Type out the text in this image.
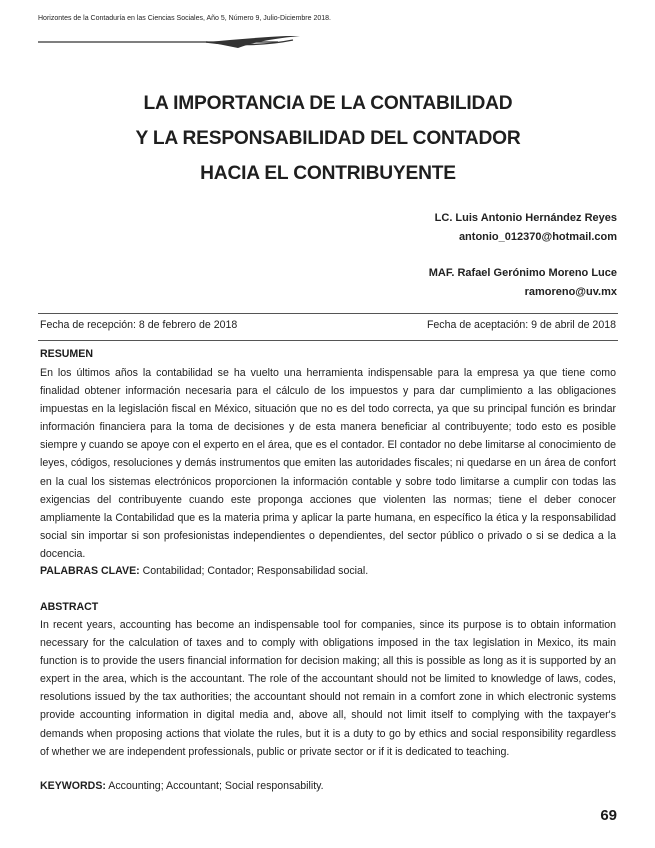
Horizontes de la Contaduría en las Ciencias Sociales, Año 5, Número 9, Julio-Diciembre 2018.
LA IMPORTANCIA DE LA CONTABILIDAD
Y LA RESPONSABILIDAD DEL CONTADOR
HACIA EL CONTRIBUYENTE
LC. Luis Antonio Hernández Reyes
antonio_012370@hotmail.com
MAF. Rafael Gerónimo Moreno Luce
ramoreno@uv.mx
Fecha de recepción: 8 de febrero de 2018	Fecha de aceptación: 9 de abril de 2018
RESUMEN
En los últimos años la contabilidad se ha vuelto una herramienta indispensable para la empresa ya que tiene como finalidad obtener información necesaria para el cálculo de los impuestos y para dar cumplimiento a las obligaciones impuestas en la legislación fiscal en México, situación que no es del todo correcta, ya que su principal función es brindar información financiera para la toma de decisiones y de esta manera beneficiar al contribuyente; todo esto es posible siempre y cuando se apoye con el experto en el área, que es el contador. El contador no debe limitarse al conocimiento de leyes, códigos, resoluciones y demás instrumentos que emiten las autoridades fiscales; ni quedarse en un área de confort en la cual los sistemas electrónicos proporcionen la información contable y sobre todo limitarse a cumplir con todas las exigencias del contribuyente cuando este proponga acciones que violenten las normas; tiene el deber conocer ampliamente la Contabilidad que es la materia prima y aplicar la parte humana, en específico la ética y la responsabilidad social sin importar si son profesionistas independientes o dependientes, del sector público o privado o si se dedica a la docencia.
PALABRAS CLAVE: Contabilidad; Contador; Responsabilidad social.
ABSTRACT
In recent years, accounting has become an indispensable tool for companies, since its purpose is to obtain information necessary for the calculation of taxes and to comply with obligations imposed in the tax legislation in Mexico, its main function is to provide the users financial information for decision making; all this is possible as long as it is supported by an expert in the area, which is the accountant. The role of the accountant should not be limited to knowledge of laws, codes, resolutions issued by the tax authorities; the accountant should not remain in a comfort zone in which electronic systems provide accounting information in digital media and, above all, should not limit itself to complying with the taxpayer's demands when proposing actions that violate the rules, but it is a duty to go by ethics and social responsibility regardless of whether we are independent professionals, public or private sector or if it is dedicated to teaching.
KEYWORDS: Accounting; Accountant; Social responsability.
69
